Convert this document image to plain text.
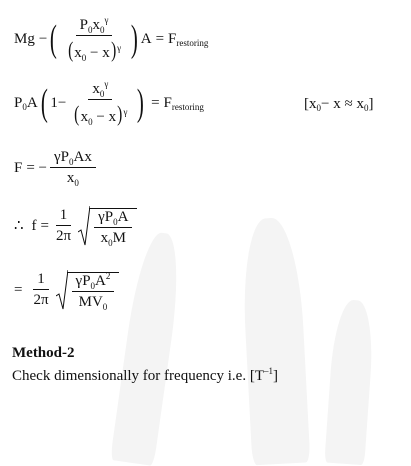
Mg − ( $\frac{P_0x_0^\gamma}{(x_0 - x)^\gamma}$ ) A = F restoring
P 0 A ( $1 - \frac{x_0^\gamma}{(x_0 - x)^\gamma}$ ) = F restoring	[x 0 − x ≈ x 0 ]
F = − $\frac{\gamma P_0Ax}{x_0}$
∴ $f = \frac{1}{2\pi} \frac{\gamma P_0A}{x_0M}$
= $\frac{1}{2\pi} \frac{\gamma P_0A^2}{MV_0}$
Method-2
Check dimensionally for frequency i.e. $[T^{-1}]$
